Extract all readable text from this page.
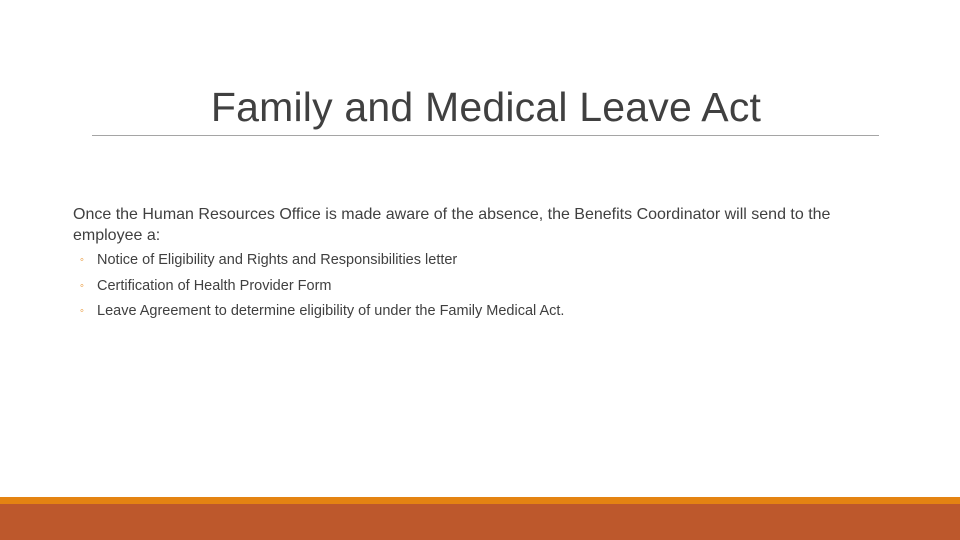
Family and Medical Leave Act
Once the Human Resources Office is made aware of the absence, the Benefits Coordinator will send to the employee a:
◦ Notice of Eligibility and Rights and Responsibilities letter
◦ Certification of Health Provider Form
◦ Leave Agreement to determine eligibility of under the Family Medical Act.
